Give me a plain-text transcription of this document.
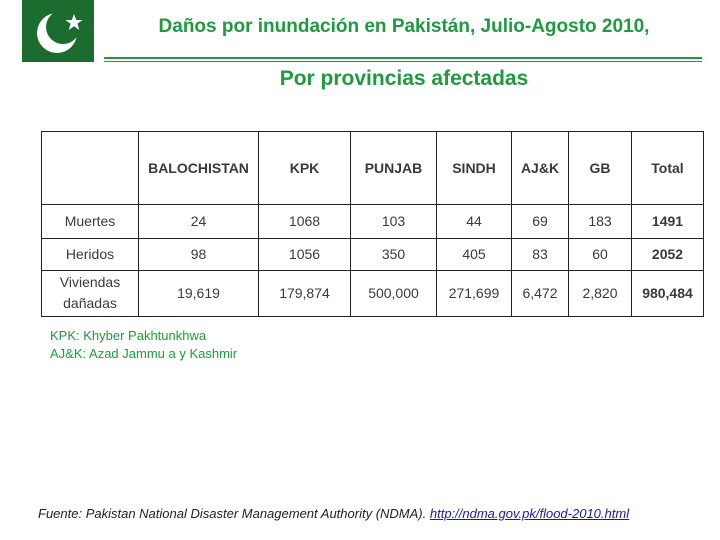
Daños por inundación en Pakistán, Julio-Agosto 2010,
Por provincias afectadas
	BALOCHISTAN	KPK	PUNJAB	SINDH	AJ&K	GB	Total
Muertes	24	1068	103	44	69	183	1491
Heridos	98	1056	350	405	83	60	2052

Viviendas
dañadas	19,619	179,874	500,000	271,699	6,472	2,820	980,484
KPK: Khyber Pakhtunkhwa
AJ&K: Azad Jammu a y Kashmir
Fuente: Pakistan National Disaster Management Authority (NDMA). http://ndma.gov.pk/flood-2010.html
